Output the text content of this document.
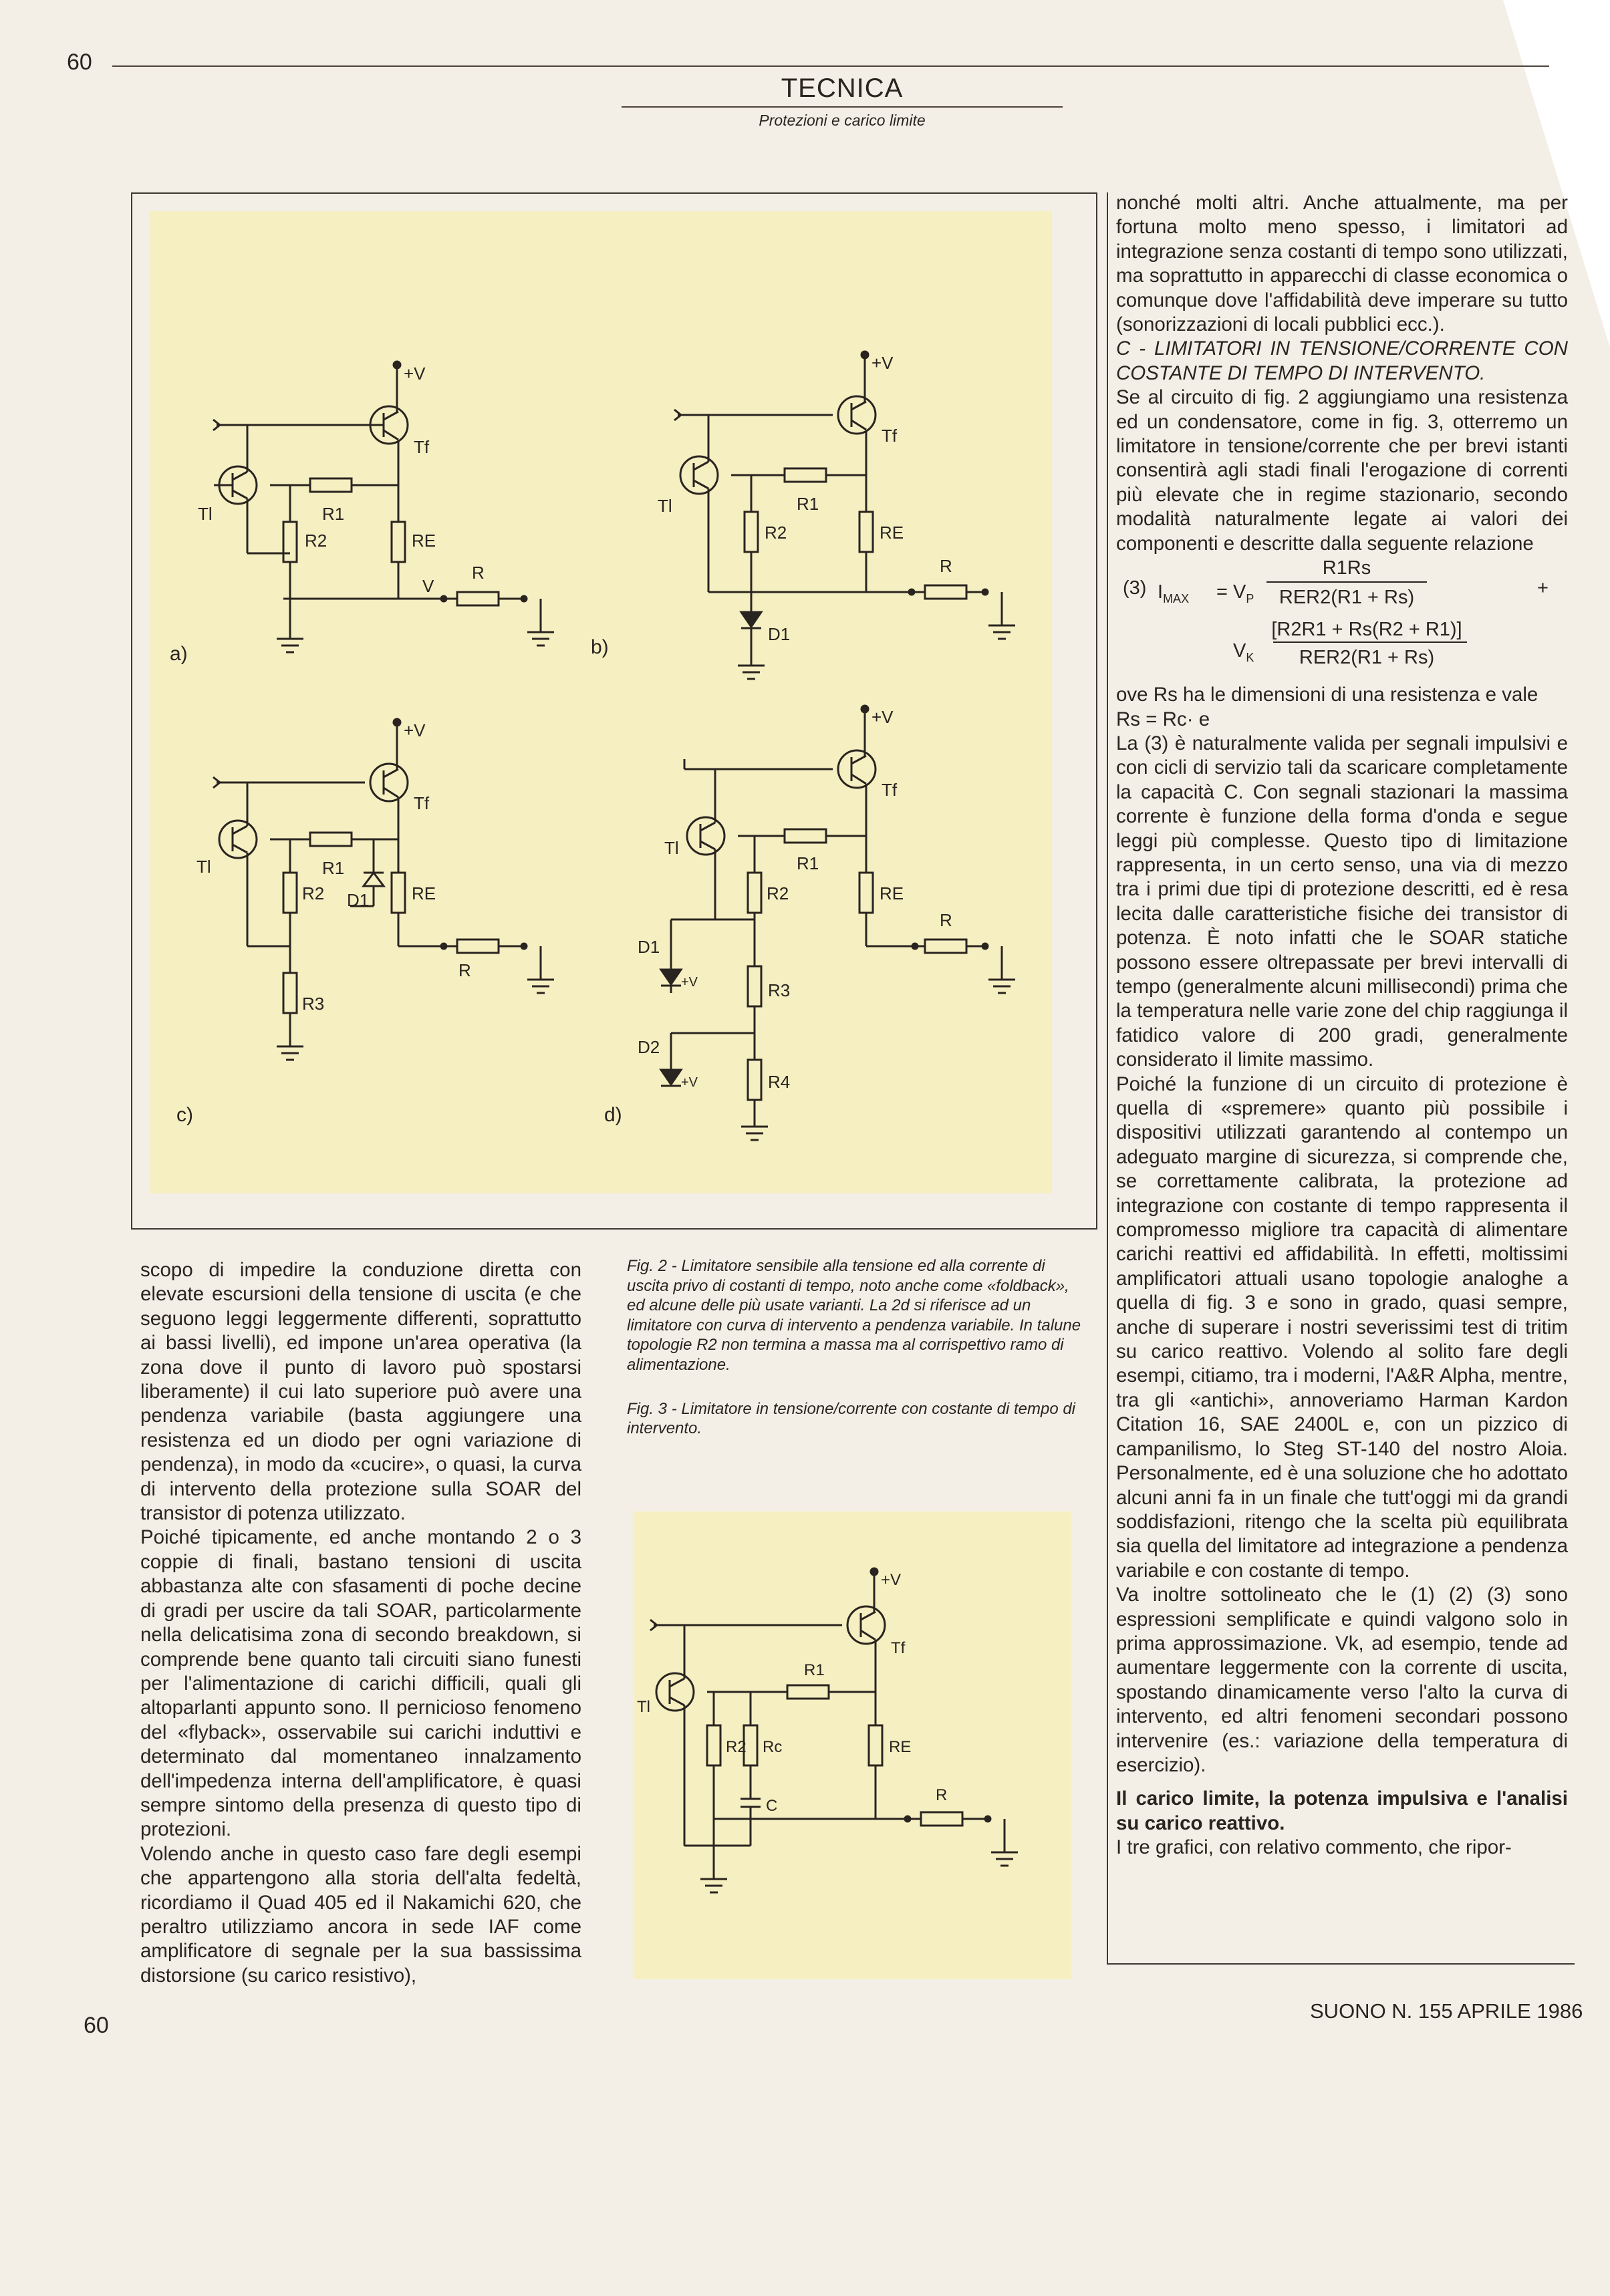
60
TECNICA
Protezioni e carico limite
+V
Tf
Tl	R1
R2	RE
V
R
a)
+V
Tf
Tl	R1
R2	RE
R
D1
b)
+V
Tf
Tl	R1
R2 D1 RE
R
R3
c)
+V
Tf
Tl
R1
R2	RE
R
D1
+V	R3
D2
+V	R4
d)

scopo di impedire la conduzione diretta con elevate escursioni della tensione di uscita (e che seguono leggi leggermente differenti, soprattutto ai bassi livelli), ed impone un'area operativa (la zona dove il punto di lavoro può spostarsi liberamente) il cui lato superiore può avere una pendenza variabile (basta aggiungere una resistenza ed un diodo per ogni variazione di pendenza), in modo da «cucire», o quasi, la curva di intervento della protezione sulla SOAR del transistor di potenza utilizzato.

Poiché tipicamente, ed anche montando 2 o 3 coppie di finali, bastano tensioni di uscita abbastanza alte con sfasamenti di poche decine di gradi per uscire da tali SOAR, particolarmente nella delicatisima zona di secondo breakdown, si comprende bene quanto tali circuiti siano funesti per l'alimentazione di carichi difficili, quali gli altoparlanti appunto sono. Il pernicioso fenomeno del «flyback», osservabile sui carichi induttivi e determinato dal momentaneo innalzamento dell'impedenza interna dell'amplificatore, è quasi sempre sintomo della presenza di questo tipo di protezioni.

Volendo anche in questo caso fare degli esempi che appartengono alla storia dell'alta fedeltà, ricordiamo il Quad 405 ed il Nakamichi 620, che peraltro utilizziamo ancora in sede IAF come amplificatore di segnale per la sua bassissima distorsione (su carico resistivo),

Fig. 2 - Limitatore sensibile alla tensione ed alla corrente di uscita privo di costanti di tempo, noto anche come «foldback», ed alcune delle più usate varianti. La 2d si riferisce ad un limitatore con curva di intervento a pendenza variabile. In talune topologie R2 non termina a massa ma al corrispettivo ramo di alimentazione.

Fig. 3 - Limitatore in tensione/corrente con costante di tempo di intervento.

+V
Tf
Tl
R1
R2 Rc
C
RE
R

nonché molti altri. Anche attualmente, ma per fortuna molto meno spesso, i limitatori ad integrazione senza costanti di tempo sono utilizzati, ma soprattutto in apparecchi di classe economica o comunque dove l'affidabilità deve imperare su tutto (sonorizzazioni di locali pubblici ecc.).

C - LIMITATORI IN TENSIONE/CORRENTE CON COSTANTE DI TEMPO DI INTERVENTO.

Se al circuito di fig. 2 aggiungiamo una resistenza ed un condensatore, come in fig. 3, otterremo un limitatore in tensione/corrente che per brevi istanti consentirà agli stadi finali l'erogazione di correnti più elevate che in regime stazionario, secondo modalità naturalmente legate ai valori dei componenti e descritte dalla seguente relazione

(3) $I_{MAX} = V_P$
R1Rs
RER2(R1 + Rs)	+
$V_K$
[R2R1 + Rs(R2 + R1)]
RER2(R1 + Rs)

ove Rs ha le dimensioni di una resistenza e vale

Rs = Rc· e

La (3) è naturalmente valida per segnali impulsivi e con cicli di servizio tali da scaricare completamente la capacità C. Con segnali stazionari la massima corrente è funzione della forma d'onda e segue leggi più complesse. Questo tipo di limitazione rappresenta, in un certo senso, una via di mezzo tra i primi due tipi di protezione descritti, ed è resa lecita dalle caratteristiche fisiche dei transistor di potenza. È noto infatti che le SOAR statiche possono essere oltrepassate per brevi intervalli di tempo (generalmente alcuni millisecondi) prima che la temperatura nelle varie zone del chip raggiunga il fatidico valore di 200 gradi, generalmente considerato il limite massimo.

Poiché la funzione di un circuito di protezione è quella di «spremere» quanto più possibile i dispositivi utilizzati garantendo al contempo un adeguato margine di sicurezza, si comprende che, se correttamente calibrata, la protezione ad integrazione con costante di tempo rappresenta il compromesso migliore tra capacità di alimentare carichi reattivi ed affidabilità. In effetti, moltissimi amplificatori attuali usano topologie analoghe a quella di fig. 3 e sono in grado, quasi sempre, anche di superare i nostri severissimi test di tritim su carico reattivo. Volendo al solito fare degli esempi, citiamo, tra i moderni, l'A&R Alpha, mentre, tra gli «antichi», annoveriamo Harman Kardon Citation 16, SAE 2400L e, con un pizzico di campanilismo, lo Steg ST-140 del nostro Aloia. Personalmente, ed è una soluzione che ho adottato alcuni anni fa in un finale che tutt'oggi mi da grandi soddisfazioni, ritengo che la scelta più equilibrata sia quella del limitatore ad integrazione a pendenza variabile e con costante di tempo.

Va inoltre sottolineato che le (1) (2) (3) sono espressioni semplificate e quindi valgono solo in prima approssimazione. Vk, ad esempio, tende ad aumentare leggermente con la corrente di uscita, spostando dinamicamente verso l'alto la curva di intervento, ed altri fenomeni secondari possono intervenire (es.: variazione della temperatura di esercizio).

Il carico limite, la potenza impulsiva e l'analisi su carico reattivo.

I tre grafici, con relativo commento, che ripor-

60
SUONO N. 155 APRILE 1986
